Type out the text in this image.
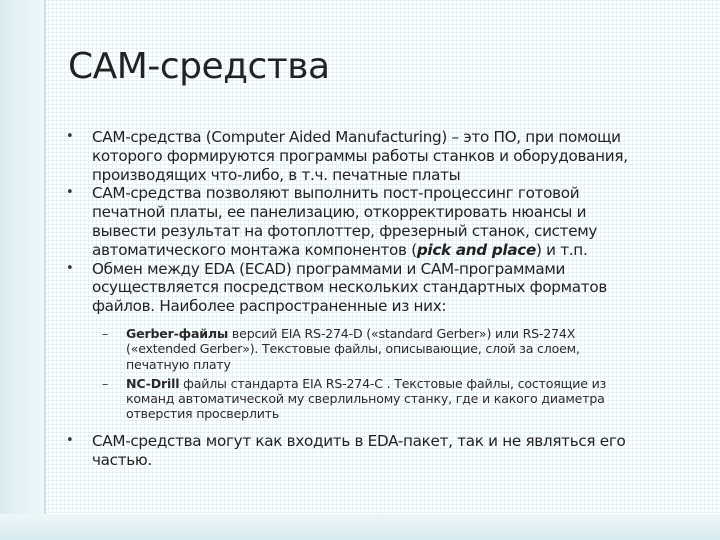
CAM-средства
• CAM-средства (Computer Aided Manufacturing) – это ПО, при помощи
которого формируются программы работы станков и оборудования,
производящих что-либо, в т.ч. печатные платы
• CAM-средства позволяют выполнить пост-процессинг готовой
печатной платы, ее панелизацию, откорректировать нюансы и
вывести результат на фотоплоттер, фрезерный станок, систему
автоматического монтажа компонентов (pick and place) и т.п.
• Обмен между EDA (ECAD) программами и CAM-программами
осуществляется посредством нескольких стандартных форматов
файлов. Наиболее распространенные из них:
– Gerber-файлы версий EIA RS-274-D («standard Gerber») или RS-274X
(«extended Gerber»). Текстовые файлы, описывающие, слой за слоем,
печатную плату
– NC-Drill файлы стандарта EIA RS-274-C . Текстовые файлы, состоящие из
команд автоматической му сверлильному станку, где и какого диаметра
отверстия просверлить
• CAM-средства могут как входить в EDA-пакет, так и не являться его
частью.
